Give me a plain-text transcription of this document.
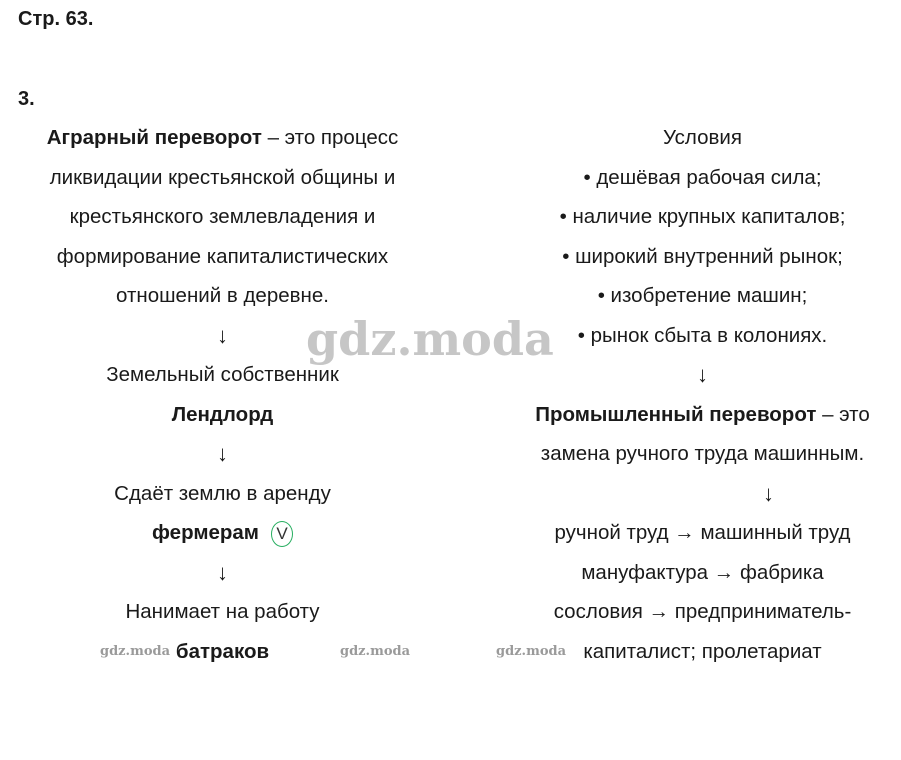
Стр. 63.
3.
Аграрный переворот – это процесс
ликвидации крестьянской общины и
крестьянского землевладения и
формирование капиталистических
отношений в деревне.
↓
Земельный собственник
Лендлорд
↓
Сдаёт землю в аренду
фермерам V
↓
Нанимает на работу
батраков
Условия
• дешёвая рабочая сила;
• наличие крупных капиталов;
• широкий внутренний рынок;
• изобретение машин;
• рынок сбыта в колониях.
↓
Промышленный переворот – это
замена ручного труда машинным.
↓
ручной труд → машинный труд
мануфактура → фабрика
сословия → предприниматель-
капиталист; пролетариат
gdz.moda
gdz.moda	gdz.moda	gdz.moda
